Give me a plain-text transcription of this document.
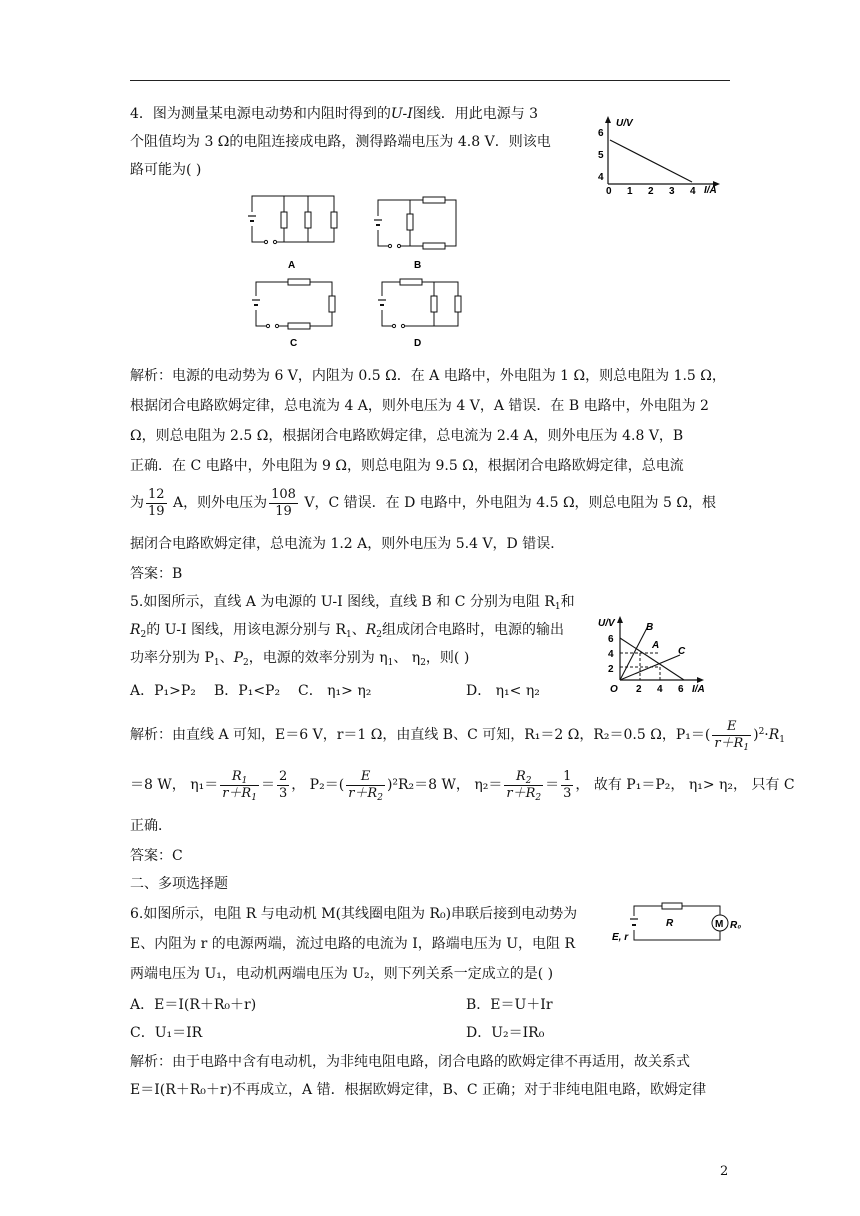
4．图为测量某电源电动势和内阻时得到的U-I图线．用此电源与 3
个阻值均为 3 Ω的电阻连接成电路，测得路端电压为 4.8 V．则该电
路可能为( )
U/V
I/A
6
5
4
0 1 2 3 4
A	B
C	D
解析：电源的电动势为 6 V，内阻为 0.5 Ω．在 A 电路中，外电阻为 1 Ω，则总电阻为 1.5 Ω，
根据闭合电路欧姆定律，总电流为 4 A，则外电压为 4 V，A 错误．在 B 电路中，外电阻为 2
Ω，则总电阻为 2.5 Ω，根据闭合电路欧姆定律，总电流为 2.4 A，则外电压为 4.8 V，B
正确．在 C 电路中，外电阻为 9 Ω，则总电阻为 9.5 Ω，根据闭合电路欧姆定律，总电流
为 $\frac{12}{19}$ A，则外电压为 $\frac{108}{19}$ V，C 错误．在 D 电路中，外电阻为 4.5 Ω，则总电阻为 5 Ω，根
据闭合电路欧姆定律，总电流为 1.2 A，则外电压为 5.4 V，D 错误．
答案：B
5.如图所示，直线 A 为电源的 U-I 图线，直线 B 和 C 分别为电阻 $R_1$和
$R_2$的 U-I 图线，用该电源分别与 $R_1$、$R_2$组成闭合电路时，电源的输出
功率分别为 $P_1$、$P_2$，电源的效率分别为 $\eta_1$、 $\eta_2$，则( )
A．P₁>P₂ B．P₁<P₂ C． η₁> η₂	D． η₁< η₂
U/V
I/A
6
4
2
O 2 4 6
A
B
C
解析：由直线 A 可知，E＝6 V，r＝1 Ω，由直线 B、C 可知，R₁＝2 Ω，R₂＝0.5 Ω，$P_1=( \frac{E}{r+R_1} )^2\cdot R_1$
＝8 W， $\eta_1= \frac{R_1}{r+R_1} = \frac{2}{3}$ ， $P_2=( \frac{E}{r+R_2} )^2R_2=8$ W， $\eta_2= \frac{R_2}{r+R_2} = \frac{1}{3}$ ， 故有 P₁＝P₂， η₁> η₂， 只有 C
正确．
答案：C
二、多项选择题
6.如图所示，电阻 R 与电动机 M(其线圈电阻为 R₀)串联后接到电动势为
E、内阻为 r 的电源两端，流过电路的电流为 I，路端电压为 U，电阻 R
两端电压为 U₁，电动机两端电压为 U₂，则下列关系一定成立的是( )
M
E, r
R	R₀
A．E＝I(R＋R₀＋r)	B．E＝U＋Ir
C．U₁＝IR	D．U₂＝IR₀
解析：由于电路中含有电动机，为非纯电阻电路，闭合电路的欧姆定律不再适用，故关系式
E＝I(R＋R₀＋r)不再成立，A 错．根据欧姆定律，B、C 正确；对于非纯电阻电路，欧姆定律
2
